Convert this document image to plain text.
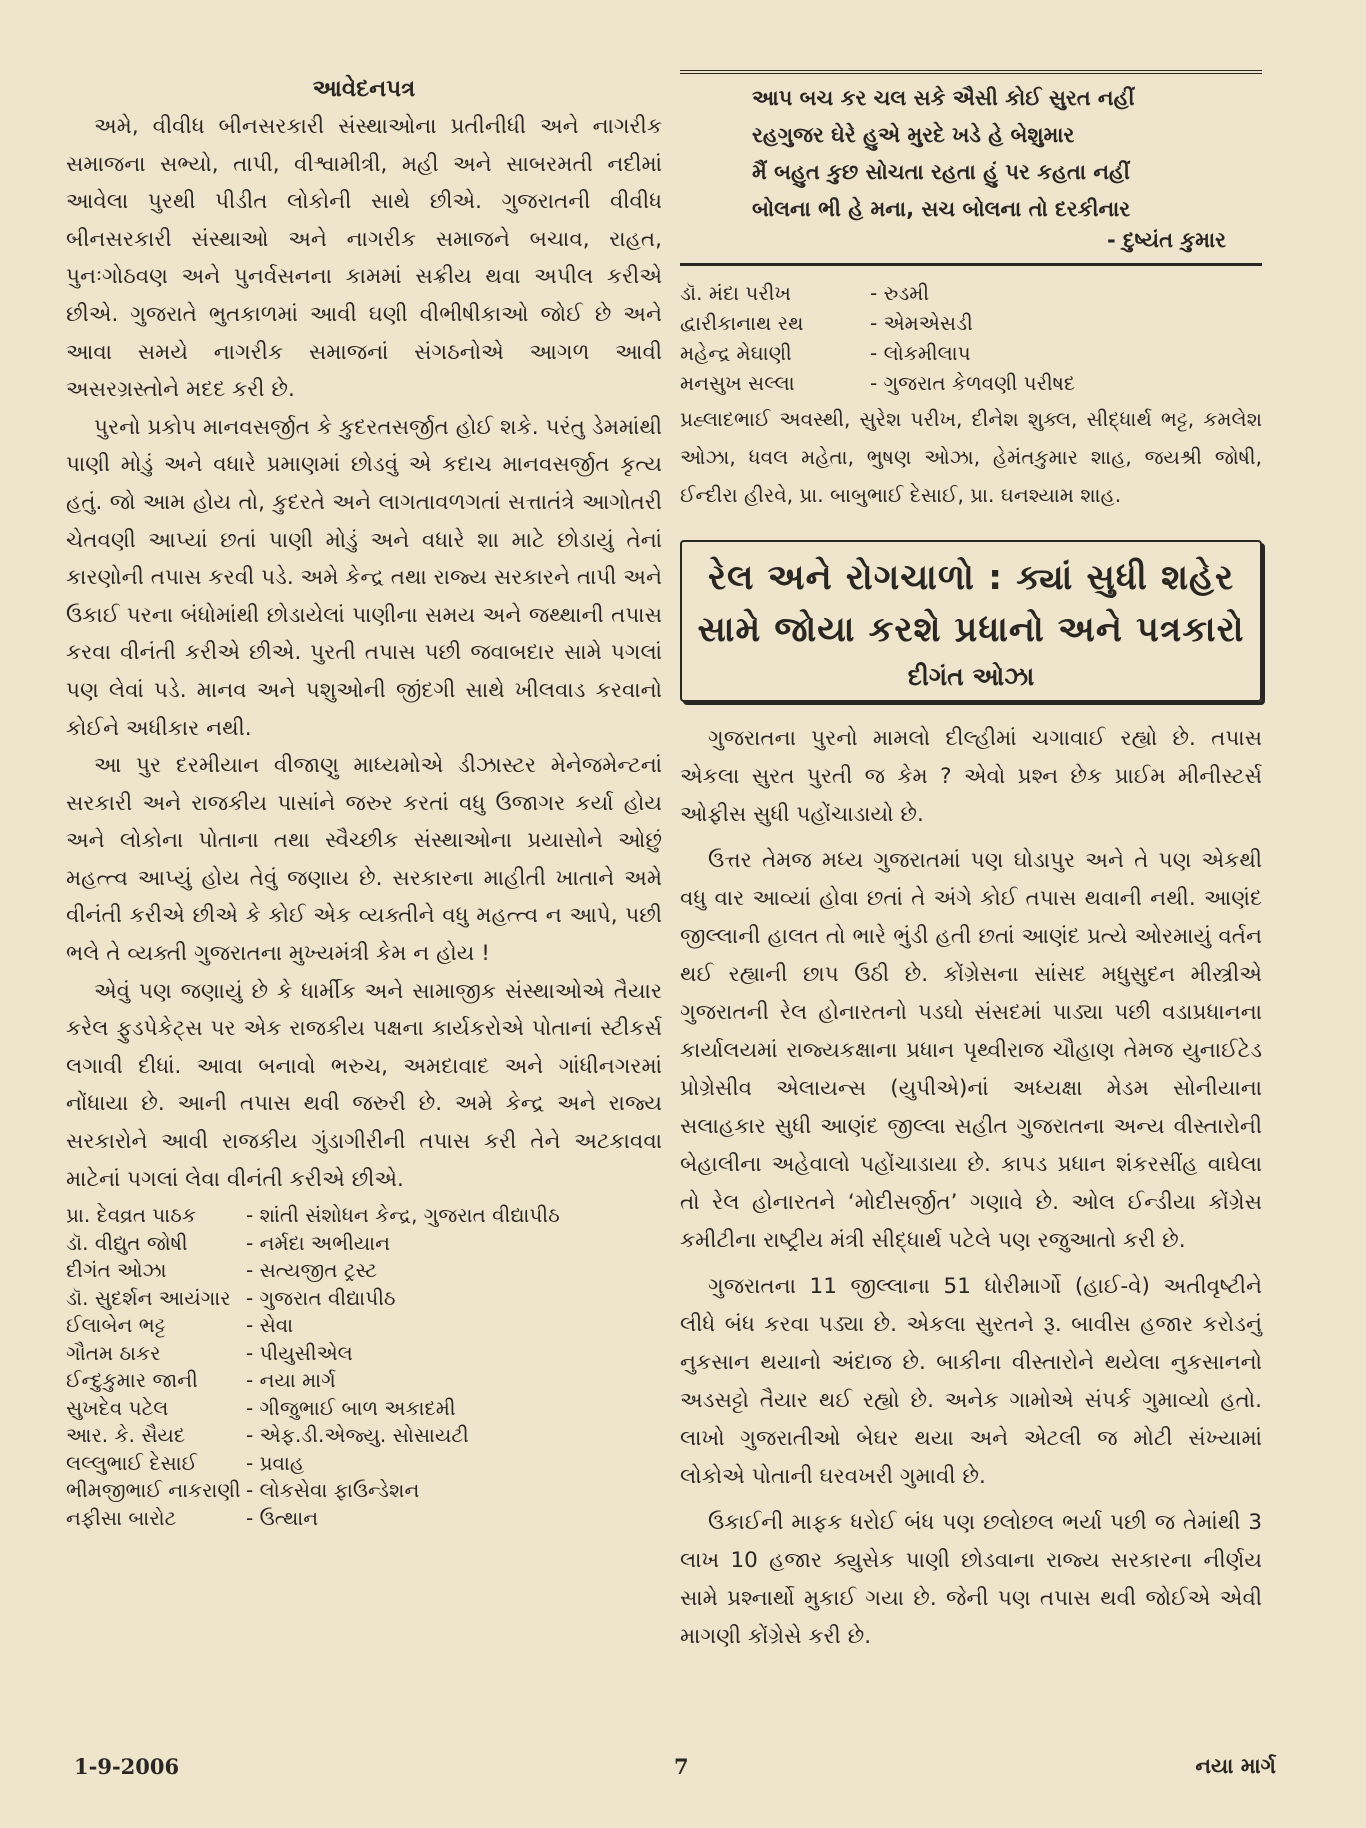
આવેદનપત્ર

અમે, વીવીધ બીનસરકારી સંસ્થાઓના પ્રતીનીધી અને નાગરીક સમાજના સભ્યો, તાપી, વીશ્વામીત્રી, મહી અને સાબરમતી નદીમાં આવેલા પુરથી પીડીત લોકોની સાથે છીએ. ગુજરાતની વીવીધ બીનસરકારી સંસ્થાઓ અને નાગરીક સમાજને બચાવ, રાહત, પુનઃગોઠવણ અને પુનર્વસનના કામમાં સક્રીય થવા અપીલ કરીએ છીએ. ગુજરાતે ભુતકાળમાં આવી ઘણી વીભીષીકાઓ જોઈ છે અને આવા સમયે નાગરીક સમાજનાં સંગઠનોએ આગળ આવી અસરગ્રસ્તોને મદદ કરી છે.

પુરનો પ્રકોપ માનવસર્જીત કે કુદરતસર્જીત હોઈ શકે. પરંતુ ડેમમાંથી પાણી મોડું અને વધારે પ્રમાણમાં છોડવું એ કદાચ માનવસર્જીત કૃત્ય હતું. જો આમ હોય તો, કુદરતે અને લાગતાવળગતાં સત્તાતંત્રે આગોતરી ચેતવણી આપ્યાં છતાં પાણી મોડું અને વધારે શા માટે છોડાયું તેનાં કારણોની તપાસ કરવી પડે. અમે કેન્દ્ર તથા રાજ્ય સરકારને તાપી અને ઉકાઈ પરના બંધોમાંથી છોડાયેલાં પાણીના સમય અને જથ્થાની તપાસ કરવા વીનંતી કરીએ છીએ. પુરતી તપાસ પછી જવાબદાર સામે પગલાં પણ લેવાં પડે. માનવ અને પશુઓની જીંદગી સાથે ખીલવાડ કરવાનો કોઈને અધીકાર નથી.

આ પુર દરમીયાન વીજાણુ માધ્યમોએ ડીઝાસ્ટર મેનેજમેન્ટનાં સરકારી અને રાજકીય પાસાંને જરુર કરતાં વધુ ઉજાગર કર્યા હોય અને લોકોના પોતાના તથા સ્વૈચ્છીક સંસ્થાઓના પ્રયાસોને ઓછું મહત્ત્વ આપ્યું હોય તેવું જણાય છે. સરકારના માહીતી ખાતાને અમે વીનંતી કરીએ છીએ કે કોઈ એક વ્યક્તીને વધુ મહત્ત્વ ન આપે, પછી ભલે તે વ્યક્તી ગુજરાતના મુખ્યમંત્રી કેમ ન હોય !

એવું પણ જણાયું છે કે ધાર્મીક અને સામાજીક સંસ્થાઓએ તૈયાર કરેલ ફુડપેકેટ્સ પર એક રાજકીય પક્ષના કાર્યકરોએ પોતાનાં સ્ટીકર્સ લગાવી દીધાં. આવા બનાવો ભરુચ, અમદાવાદ અને ગાંધીનગરમાં નોંધાયા છે. આની તપાસ થવી જરુરી છે. અમે કેન્દ્ર અને રાજ્ય સરકારોને આવી રાજકીય ગુંડાગીરીની તપાસ કરી તેને અટકાવવા માટેનાં પગલાં લેવા વીનંતી કરીએ છીએ.

પ્રા. દેવવ્રત પાઠક	- શાંતી સંશોધન કેન્દ્ર, ગુજરાત વીદ્યાપીઠ
ડૉ. વીદ્યુત જોષી	- નર્મદા અભીયાન
દીગંત ઓઝા	- સત્યજીત ટ્રસ્ટ
ડૉ. સુદર્શન આયંગાર - ગુજરાત વીદ્યાપીઠ
ઈલાબેન ભટ્ટ	- સેવા
ગૌતમ ઠાકર	- પીયુસીએલ
ઈન્દુકુમાર જાની	- નયા માર્ગ
સુખદેવ પટેલ	- ગીજુભાઈ બાળ અકાદમી
આર. કે. સૈયદ	- એફ.ડી.એજ્યુ. સોસાયટી
લલ્લુભાઈ દેસાઈ	- પ્રવાહ
ભીમજીભાઈ નાકરાણી - લોકસેવા ફાઉન્ડેશન
નફીસા બારોટ	- ઉત્થાન
આપ બચ કર ચલ સકે ઐસી કોઈ સુરત નહીં
રહગુજર ઘેરે હુએ મુરદે ખડે હે બેશુમાર
મૈં બહુત કુછ સોચતા રહતા હું પર કહતા નહીં
બોલના ભી હે મના, સચ બોલના તો દરકીનાર
- દુષ્યંત કુમાર
ડૉ. મંદા પરીખ	- રુડમી
દ્વારીકાનાથ રથ	- એમએસડી
મહેન્દ્ર મેઘાણી	- લોકમીલાપ
મનસુખ સલ્લા	- ગુજરાત કેળવણી પરીષદ
પ્રહ્લાદભાઈ અવસ્થી, સુરેશ પરીખ, દીનેશ શુક્લ, સીદ્ધાર્થ ભટ્ટ, કમલેશ ઓઝા, ધવલ મહેતા, ભુષણ ઓઝા, હેમંતકુમાર શાહ, જયશ્રી જોષી, ઈન્દીરા હીરવે, પ્રા. બાબુભાઈ દેસાઈ, પ્રા. ઘનશ્યામ શાહ.
રેલ અને રોગચાળો : ક્યાં સુધી શહેર
સામે જોયા કરશે પ્રધાનો અને પત્રકારો
દીગંત ઓઝા

ગુજરાતના પુરનો મામલો દીલ્હીમાં ચગાવાઈ રહ્યો છે. તપાસ એકલા સુરત પુરતી જ કેમ ? એવો પ્રશ્ન છેક પ્રાઈમ મીનીસ્ટર્સ ઓફીસ સુધી પહોંચાડાયો છે.

ઉત્તર તેમજ મધ્ય ગુજરાતમાં પણ ઘોડાપુર અને તે પણ એકથી વધુ વાર આવ્યાં હોવા છતાં તે અંગે કોઈ તપાસ થવાની નથી. આણંદ જીલ્લાની હાલત તો ભારે ભુંડી હતી છતાં આણંદ પ્રત્યે ઓરમાયું વર્તન થઈ રહ્યાની છાપ ઉઠી છે. કોંગ્રેસના સાંસદ મધુસુદન મીસ્ત્રીએ ગુજરાતની રેલ હોનારતનો પડઘો સંસદમાં પાડ્યા પછી વડાપ્રધાનના કાર્યાલયમાં રાજ્યકક્ષાના પ્રધાન પૃથ્વીરાજ ચૌહાણ તેમજ યુનાઈટેડ પ્રોગ્રેસીવ એલાયન્સ (યુપીએ)નાં અધ્યક્ષા મેડમ સોનીયાના સલાહકાર સુધી આણંદ જીલ્લા સહીત ગુજરાતના અન્ય વીસ્તારોની બેહાલીના અહેવાલો પહોંચાડાયા છે. કાપડ પ્રધાન શંકરસીંહ વાઘેલા તો રેલ હોનારતને ‘મોદીસર્જીત’ ગણાવે છે. ઓલ ઈન્ડીયા કોંગ્રેસ કમીટીના રાષ્ટ્રીય મંત્રી સીદ્ધાર્થ પટેલે પણ રજુઆતો કરી છે.

ગુજરાતના 11 જીલ્લાના 51 ધોરીમાર્ગો (હાઈ-વે) અતીવૃષ્ટીને લીધે બંધ કરવા પડ્યા છે. એકલા સુરતને રૂ. બાવીસ હજાર કરોડનું નુકસાન થયાનો અંદાજ છે. બાકીના વીસ્તારોને થયેલા નુકસાનનો અડસટ્ટો તૈયાર થઈ રહ્યો છે. અનેક ગામોએ સંપર્ક ગુમાવ્યો હતો. લાખો ગુજરાતીઓ બેઘર થયા અને એટલી જ મોટી સંખ્યામાં લોકોએ પોતાની ઘરવખરી ગુમાવી છે.

ઉકાઈની માફક ધરોઈ બંધ પણ છલોછલ ભર્યા પછી જ તેમાંથી 3 લાખ 10 હજાર ક્યુસેક પાણી છોડવાના રાજ્ય સરકારના નીર્ણય સામે પ્રશ્નાર્થો મુકાઈ ગયા છે. જેની પણ તપાસ થવી જોઈએ એવી માગણી કોંગ્રેસે કરી છે.

1-9-2006	7	નયા માર્ગ
